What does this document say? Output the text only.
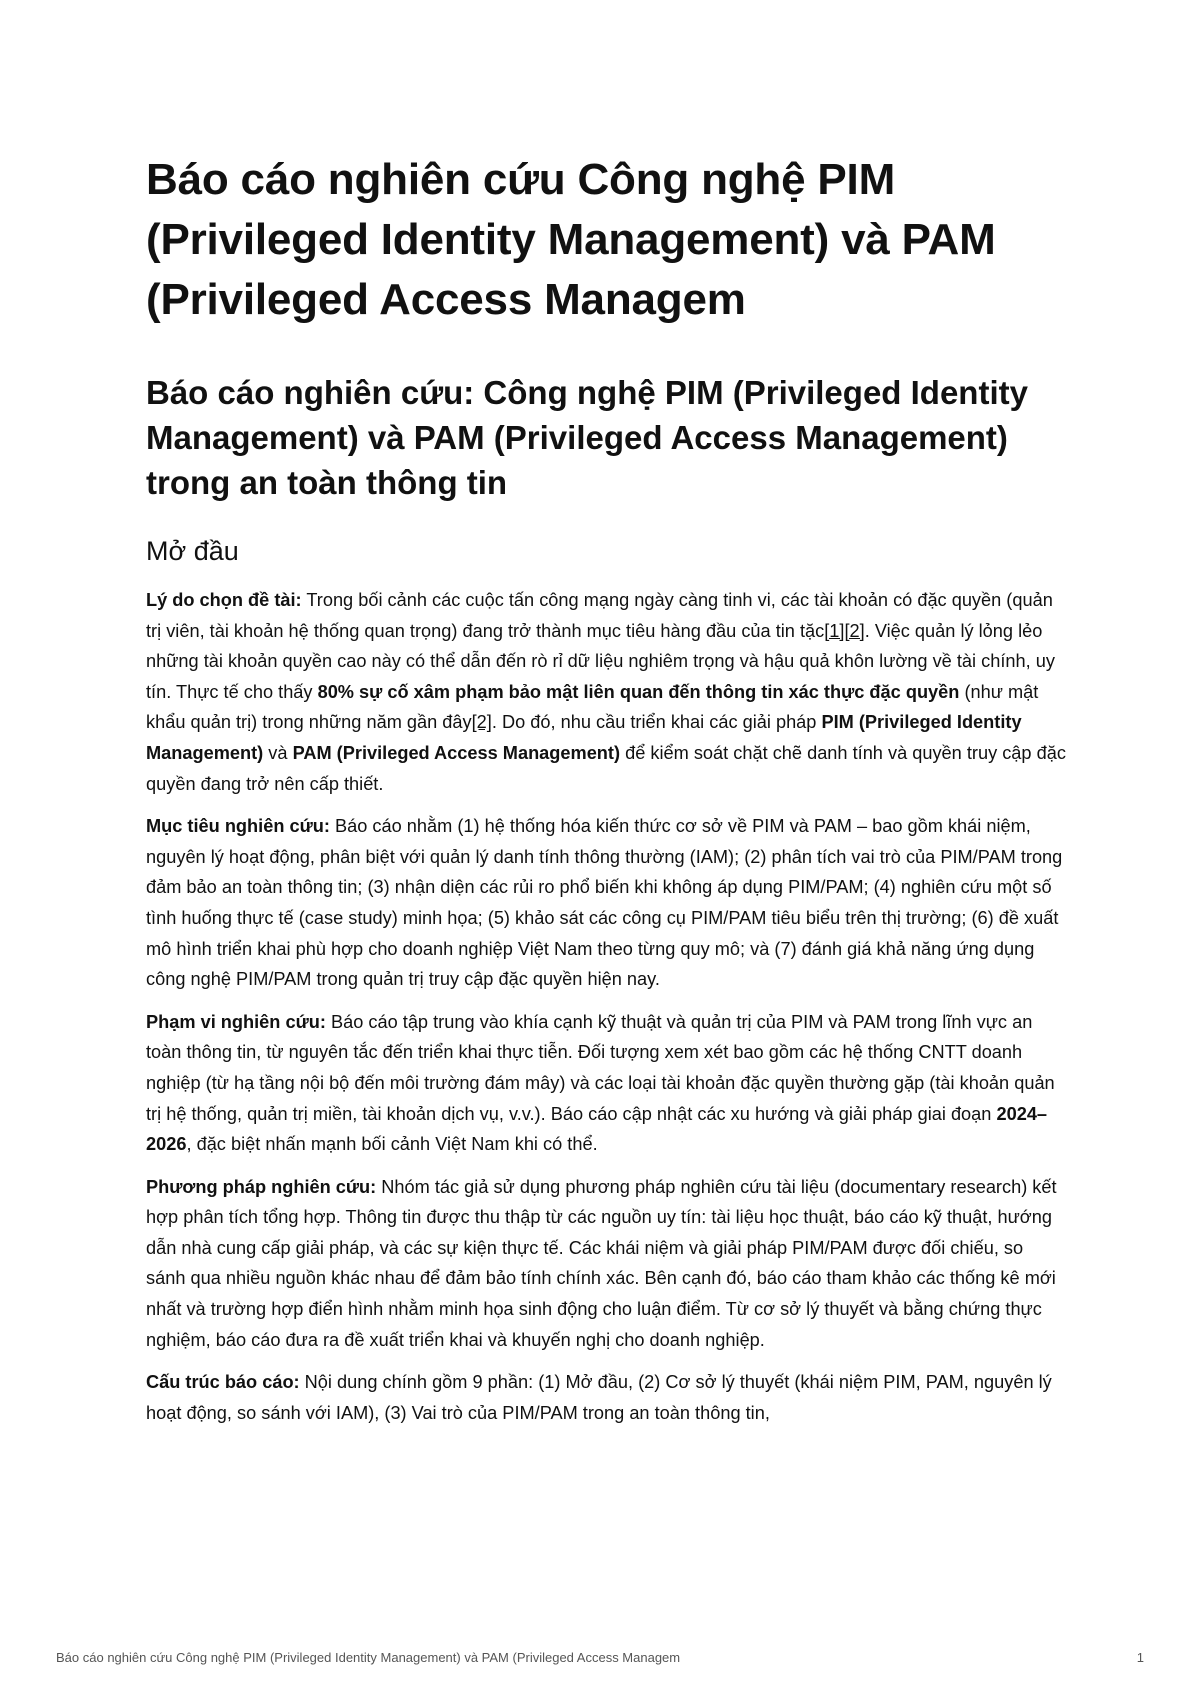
Báo cáo nghiên cứu Công nghệ PIM (Privileged Identity Management) và PAM (Privileged Access Managem
Báo cáo nghiên cứu: Công nghệ PIM (Privileged Identity Management) và PAM (Privileged Access Management) trong an toàn thông tin
Mở đầu

Lý do chọn đề tài: Trong bối cảnh các cuộc tấn công mạng ngày càng tinh vi, các tài khoản có đặc quyền (quản trị viên, tài khoản hệ thống quan trọng) đang trở thành mục tiêu hàng đầu của tin tặc[1][2]. Việc quản lý lỏng lẻo những tài khoản quyền cao này có thể dẫn đến rò rỉ dữ liệu nghiêm trọng và hậu quả khôn lường về tài chính, uy tín. Thực tế cho thấy 80% sự cố xâm phạm bảo mật liên quan đến thông tin xác thực đặc quyền (như mật khẩu quản trị) trong những năm gần đây[2]. Do đó, nhu cầu triển khai các giải pháp PIM (Privileged Identity Management) và PAM (Privileged Access Management) để kiểm soát chặt chẽ danh tính và quyền truy cập đặc quyền đang trở nên cấp thiết.

Mục tiêu nghiên cứu: Báo cáo nhằm (1) hệ thống hóa kiến thức cơ sở về PIM và PAM – bao gồm khái niệm, nguyên lý hoạt động, phân biệt với quản lý danh tính thông thường (IAM); (2) phân tích vai trò của PIM/PAM trong đảm bảo an toàn thông tin; (3) nhận diện các rủi ro phổ biến khi không áp dụng PIM/PAM; (4) nghiên cứu một số tình huống thực tế (case study) minh họa; (5) khảo sát các công cụ PIM/PAM tiêu biểu trên thị trường; (6) đề xuất mô hình triển khai phù hợp cho doanh nghiệp Việt Nam theo từng quy mô; và (7) đánh giá khả năng ứng dụng công nghệ PIM/PAM trong quản trị truy cập đặc quyền hiện nay.

Phạm vi nghiên cứu: Báo cáo tập trung vào khía cạnh kỹ thuật và quản trị của PIM và PAM trong lĩnh vực an toàn thông tin, từ nguyên tắc đến triển khai thực tiễn. Đối tượng xem xét bao gồm các hệ thống CNTT doanh nghiệp (từ hạ tầng nội bộ đến môi trường đám mây) và các loại tài khoản đặc quyền thường gặp (tài khoản quản trị hệ thống, quản trị miền, tài khoản dịch vụ, v.v.). Báo cáo cập nhật các xu hướng và giải pháp giai đoạn 2024–2026, đặc biệt nhấn mạnh bối cảnh Việt Nam khi có thể.

Phương pháp nghiên cứu: Nhóm tác giả sử dụng phương pháp nghiên cứu tài liệu (documentary research) kết hợp phân tích tổng hợp. Thông tin được thu thập từ các nguồn uy tín: tài liệu học thuật, báo cáo kỹ thuật, hướng dẫn nhà cung cấp giải pháp, và các sự kiện thực tế. Các khái niệm và giải pháp PIM/PAM được đối chiếu, so sánh qua nhiều nguồn khác nhau để đảm bảo tính chính xác. Bên cạnh đó, báo cáo tham khảo các thống kê mới nhất và trường hợp điển hình nhằm minh họa sinh động cho luận điểm. Từ cơ sở lý thuyết và bằng chứng thực nghiệm, báo cáo đưa ra đề xuất triển khai và khuyến nghị cho doanh nghiệp.

Cấu trúc báo cáo: Nội dung chính gồm 9 phần: (1) Mở đầu, (2) Cơ sở lý thuyết (khái niệm PIM, PAM, nguyên lý hoạt động, so sánh với IAM), (3) Vai trò của PIM/PAM trong an toàn thông tin,

Báo cáo nghiên cứu Công nghệ PIM (Privileged Identity Management) và PAM (Privileged Access Managem	1
